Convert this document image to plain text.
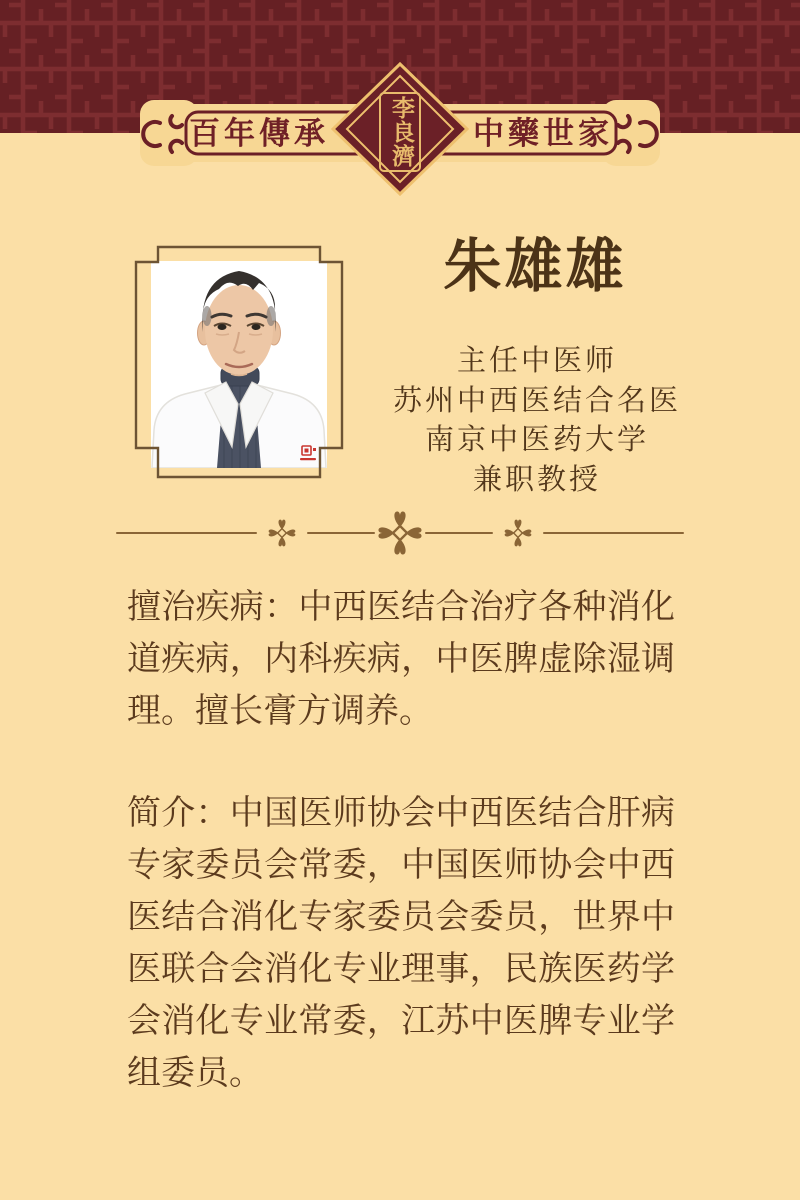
百年傳承	中藥世家
李良濟
朱雄雄
主任中医师
苏州中西医结合名医
南京中医药大学
兼职教授
擅治疾病：中西医结合治疗各种消化道疾病，内科疾病，中医脾虚除湿调理。擅长膏方调养。
简介：中国医师协会中西医结合肝病专家委员会常委，中国医师协会中西医结合消化专家委员会委员，世界中医联合会消化专业理事，民族医药学会消化专业常委，江苏中医脾专业学组委员。
